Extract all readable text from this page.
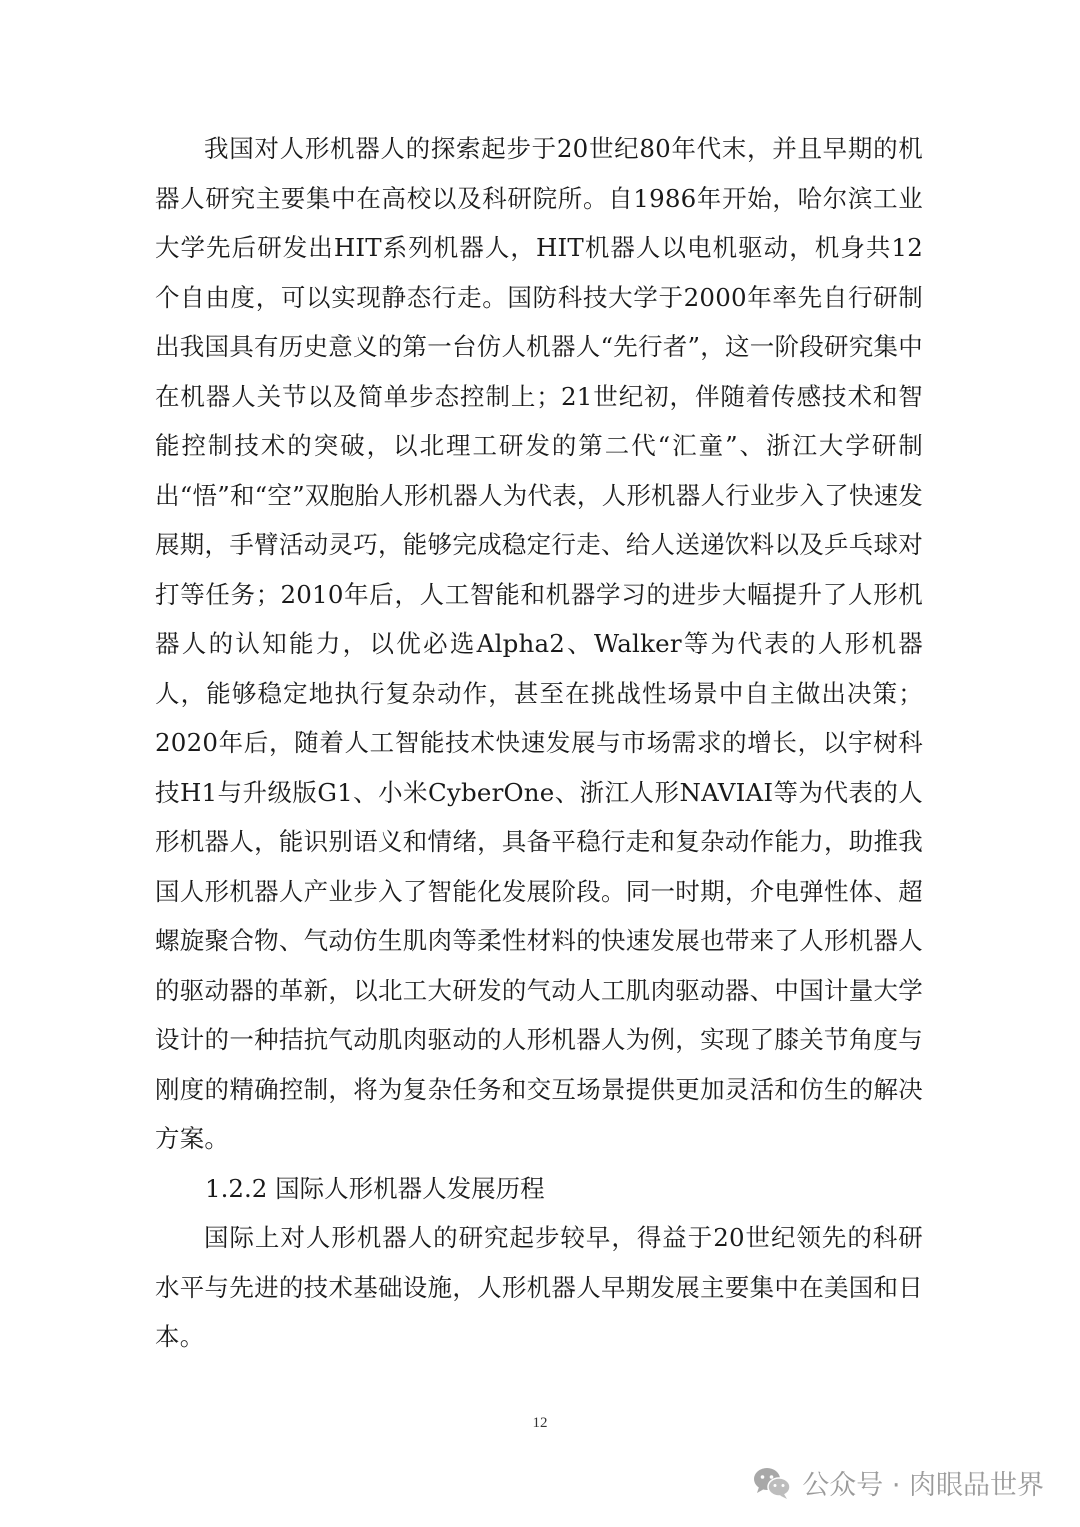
我国对人形机器人的探索起步于20世纪80年代末，并且早期的机器人研究主要集中在高校以及科研院所。自1986年开始，哈尔滨工业大学先后研发出HIT系列机器人，HIT机器人以电机驱动，机身共12个自由度，可以实现静态行走。国防科技大学于2000年率先自行研制出我国具有历史意义的第一台仿人机器人“先行者”，这一阶段研究集中在机器人关节以及简单步态控制上；21世纪初，伴随着传感技术和智能控制技术的突破，以北理工研发的第二代“汇童”、浙江大学研制出“悟”和“空”双胞胎人形机器人为代表，人形机器人行业步入了快速发展期，手臂活动灵巧，能够完成稳定行走、给人送递饮料以及乒乓球对打等任务；2010年后，人工智能和机器学习的进步大幅提升了人形机器人的认知能力，以优必选Alpha2、Walker等为代表的人形机器人，能够稳定地执行复杂动作，甚至在挑战性场景中自主做出决策；2020年后，随着人工智能技术快速发展与市场需求的增长，以宇树科技H1与升级版G1、小米CyberOne、浙江人形NAVIAI等为代表的人形机器人，能识别语义和情绪，具备平稳行走和复杂动作能力，助推我国人形机器人产业步入了智能化发展阶段。同一时期，介电弹性体、超螺旋聚合物、气动仿生肌肉等柔性材料的快速发展也带来了人形机器人的驱动器的革新，以北工大研发的气动人工肌肉驱动器、中国计量大学设计的一种拮抗气动肌肉驱动的人形机器人为例，实现了膝关节角度与刚度的精确控制，将为复杂任务和交互场景提供更加灵活和仿生的解决方案。

1.2.2 国际人形机器人发展历程

国际上对人形机器人的研究起步较早，得益于20世纪领先的科研水平与先进的技术基础设施，人形机器人早期发展主要集中在美国和日本。

12
公众号 · 肉眼品世界
